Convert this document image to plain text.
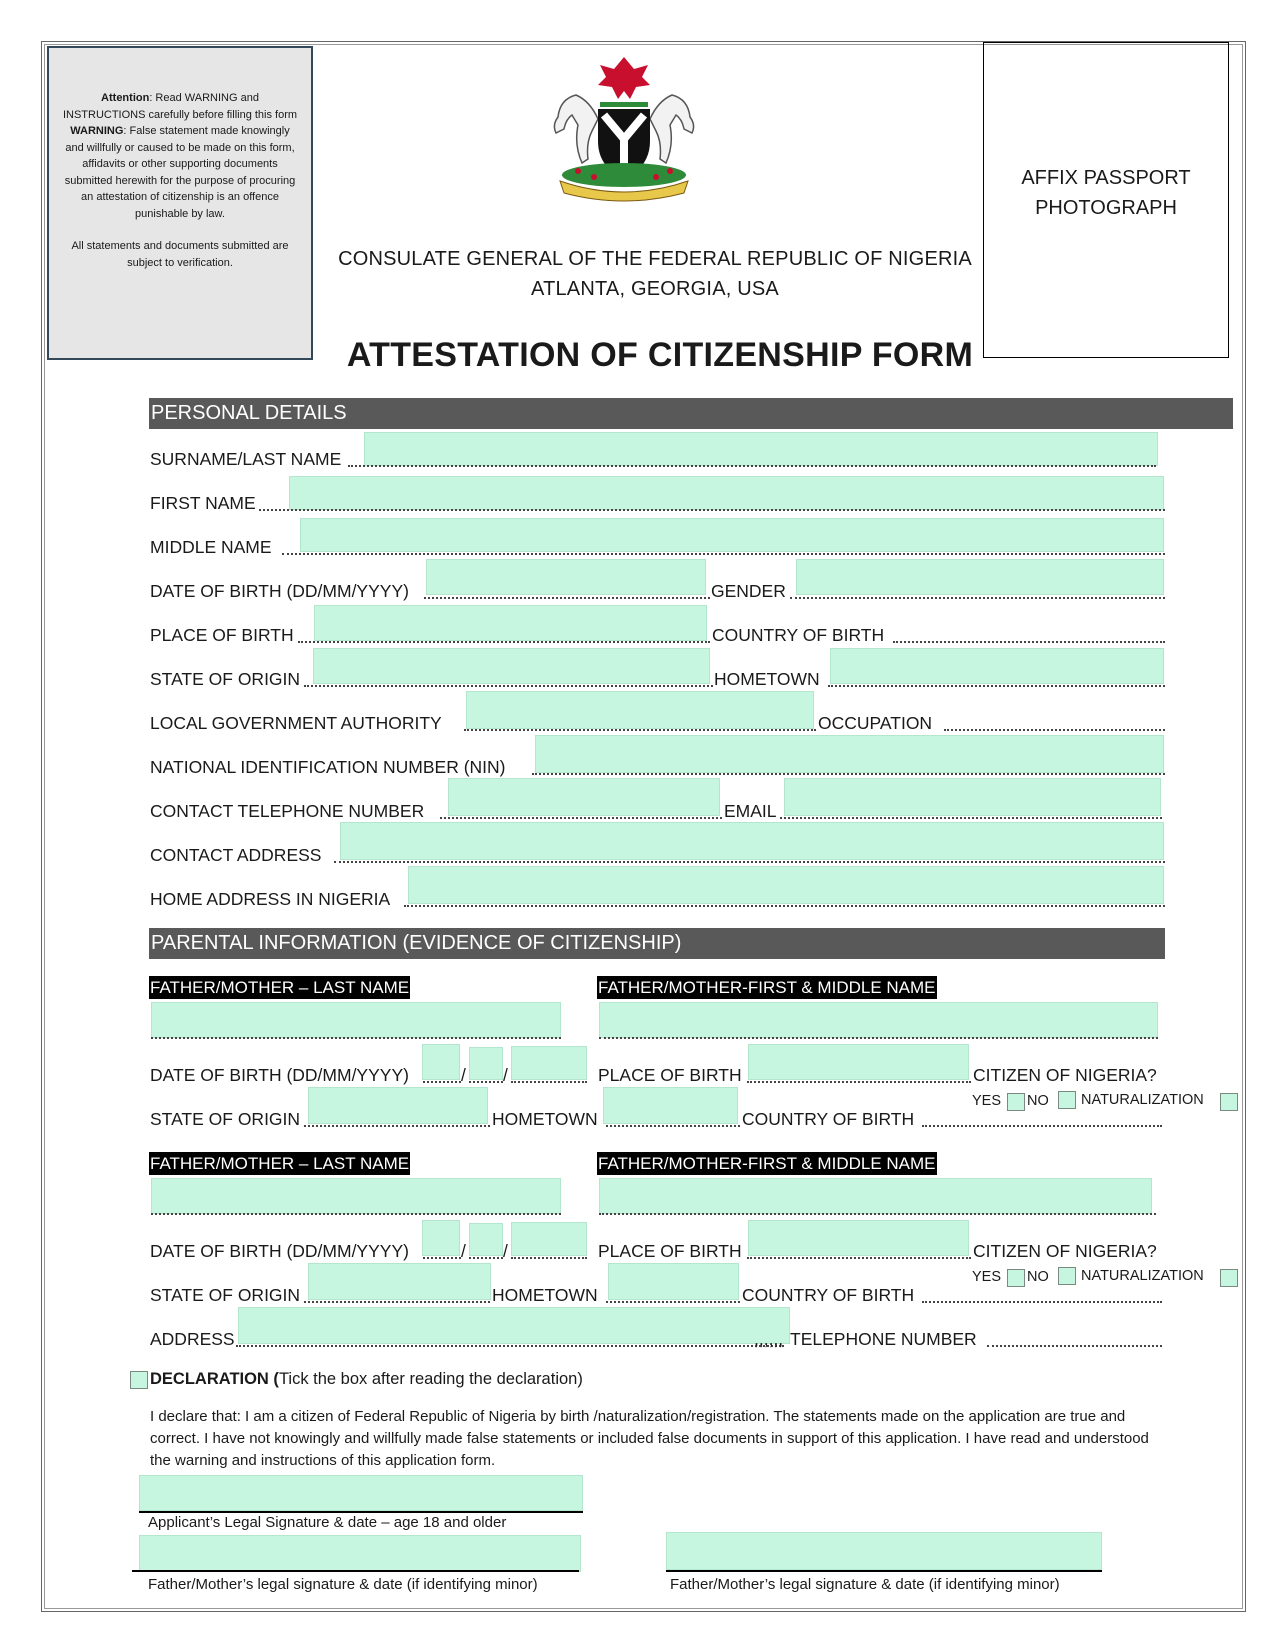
Attention: Read WARNING and INSTRUCTIONS carefully before filling this form
WARNING: False statement made knowingly and willfully or caused to be made on this form, affidavits or other supporting documents submitted herewith for the purpose of procuring an attestation of citizenship is an offence punishable by law.
All statements and documents submitted are subject to verification.	CONSULATE GENERAL OF THE FEDERAL REPUBLIC OF NIGERIA
ATLANTA, GEORGIA, USA
ATTESTATION OF CITIZENSHIP FORM
AFFIX PASSPORT
PHOTOGRAPH
PERSONAL DETAILS
SURNAME/LAST NAME
FIRST NAME
MIDDLE NAME
DATE OF BIRTH (DD/MM/YYYY)	GENDER
PLACE OF BIRTH	COUNTRY OF BIRTH
STATE OF ORIGIN	HOMETOWN
LOCAL GOVERNMENT AUTHORITY	OCCUPATION
NATIONAL IDENTIFICATION NUMBER (NIN)
CONTACT TELEPHONE NUMBER	EMAIL
CONTACT ADDRESS
HOME ADDRESS IN NIGERIA
PARENTAL INFORMATION (EVIDENCE OF CITIZENSHIP)
FATHER/MOTHER – LAST NAME	FATHER/MOTHER-FIRST & MIDDLE NAME
DATE OF BIRTH (DD/MM/YYYY)	/ /	PLACE OF BIRTH	CITIZEN OF NIGERIA?
YES NO NATURALIZATION
STATE OF ORIGIN	HOMETOWN	COUNTRY OF BIRTH
FATHER/MOTHER – LAST NAME	FATHER/MOTHER-FIRST & MIDDLE NAME
DATE OF BIRTH (DD/MM/YYYY)	/ /	PLACE OF BIRTH	CITIZEN OF NIGERIA?
YES NO NATURALIZATION
STATE OF ORIGIN	HOMETOWN	COUNTRY OF BIRTH
ADDRESS	,,,,,, TELEPHONE NUMBER
DECLARATION (Tick the box after reading the declaration)
I declare that: I am a citizen of Federal Republic of Nigeria by birth /naturalization/registration. The statements made on the application are true and correct. I have not knowingly and willfully made false statements or included false documents in support of this application. I have read and understood the warning and instructions of this application form.
Applicant’s Legal Signature & date – age 18 and older
Father/Mother’s legal signature & date (if identifying minor)	Father/Mother’s legal signature & date (if identifying minor)
